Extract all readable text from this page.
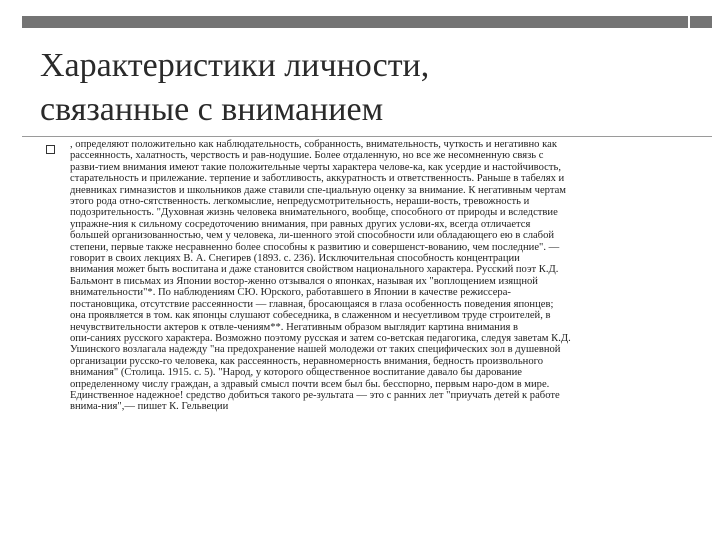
Характеристики личности,
связанные с вниманием
, определяют положительно как наблюдательность, собранность, внимательность, чуткость и негативно как
рассеянность, халатность, черствость и рав-нодушие. Более отдаленную, но все же несомненную связь с
разви-тием внимания имеют такие положительные черты характера челове-ка, как усердие и настойчивость,
старательность и прилежание. терпение и заботливость, аккуратность и ответственность. Раньше в табелях и
дневниках гимназистов и школьников даже ставили спе-циальную оценку за внимание. К негативным чертам
этого рода отно-сятственность. легкомыслие, непредусмотрительность, нераши-вость, тревожность и
подозрительность. "Духовная жизнь человека внимательного, вообще, способного от природы и вследствие
упражне-ния к сильному сосредоточению внимания, при равных других услови-ях, всегда отличается
большей организованностью, чем у человека, ли-шенного этой способности или обладающего ею в слабой
степени, первые также несравненно более способны к развитию и совершенст-вованию, чем последние". —
говорит в своих лекциях В. А. Снегирев (1893. с. 236). Исключительная способность концентрации
внимания может быть воспитана и даже становится свойством национального характера. Русский поэт К.Д.
Бальмонт в письмах из Японии востор-женно отзывался о японках, называя их "воплощением изящной
внимательности"*. По наблюдениям СЮ. Юрского, работавшего в Японии в качестве режиссера-
постановщика, отсутствие рассеянности — главная, бросающаяся в глаза особенность поведения японцев;
она проявляется в том. как японцы слушают собеседника, в слаженном и несуетливом труде строителей, в
нечувствительности актеров к отвле-чениям**. Негативным образом выглядит картина внимания в
опи-саниях русского характера. Возможно поэтому русская и затем со-ветская педагогика, следуя заветам К.Д.
Ушинского возлагала надежду "на предохранение нашей молодежи от таких специфических зол в душевной
организации русско-го человека, как рассеянность, неравномерность внимания, бедность произвольного
внимания" (Столица. 1915. с. 5). "Народ, у которого общественное воспитание давало бы дарование
определенному числу граждан, а здравый смысл почти всем был бы. бесспорно, первым наро-дом в мире.
Единственное надежное! средство добиться такого ре-зультата — это с ранних лет "приучать детей к работе
внима-ния",— пишет К. Гельвеции
